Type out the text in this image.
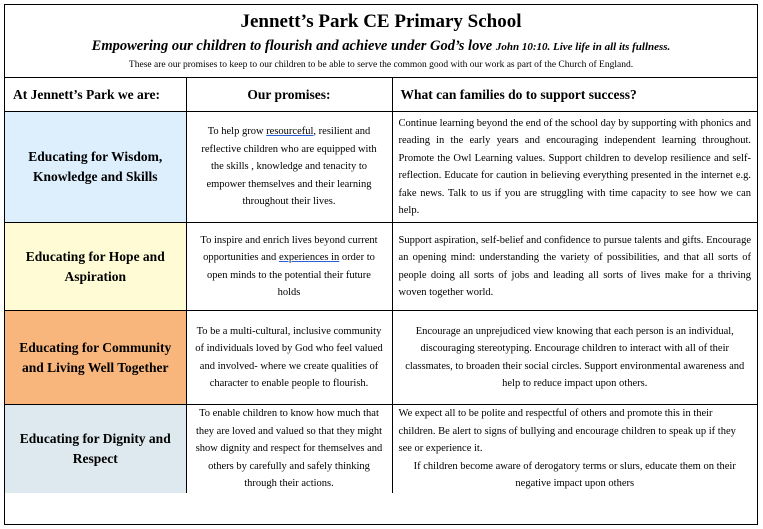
Jennett’s Park CE Primary School
Empowering our children to flourish and achieve under God’s love John 10:10. Live life in all its fullness.
These are our promises to keep to our children to be able to serve the common good with our work as part of the Church of England.
At Jennett’s Park we are:	Our promises:	What can families do to support success?
Educating for Wisdom, Knowledge and Skills	To help grow resourceful, resilient and reflective children who are equipped with the skills , knowledge and tenacity to empower themselves and their learning throughout their lives.	Continue learning beyond the end of the school day by supporting with phonics and reading in the early years and encouraging independent learning throughout. Promote the Owl Learning values. Support children to develop resilience and self-reflection. Educate for caution in believing everything presented in the internet e.g. fake news. Talk to us if you are struggling with time capacity to see how we can help.
Educating for Hope and Aspiration	To inspire and enrich lives beyond current opportunities and experiences in order to open minds to the potential their future holds	Support aspiration, self-belief and confidence to pursue talents and gifts. Encourage an opening mind: understanding the variety of possibilities, and that all sorts of people doing all sorts of jobs and leading all sorts of lives make for a thriving woven together world.
Educating for Community and Living Well Together	To be a multi-cultural, inclusive community of individuals loved by God who feel valued and involved- where we create qualities of character to enable people to flourish.	Encourage an unprejudiced view knowing that each person is an individual, discouraging stereotyping. Encourage children to interact with all of their classmates, to broaden their social circles. Support environmental awareness and help to reduce impact upon others.
Educating for Dignity and Respect	To enable children to know how much that they are loved and valued so that they might show dignity and respect for themselves and others by carefully and safely thinking through their actions.	We expect all to be polite and respectful of others and promote this in their children. Be alert to signs of bullying and encourage children to speak up if they see or experience it.
If children become aware of derogatory terms or slurs, educate them on their negative impact upon others
